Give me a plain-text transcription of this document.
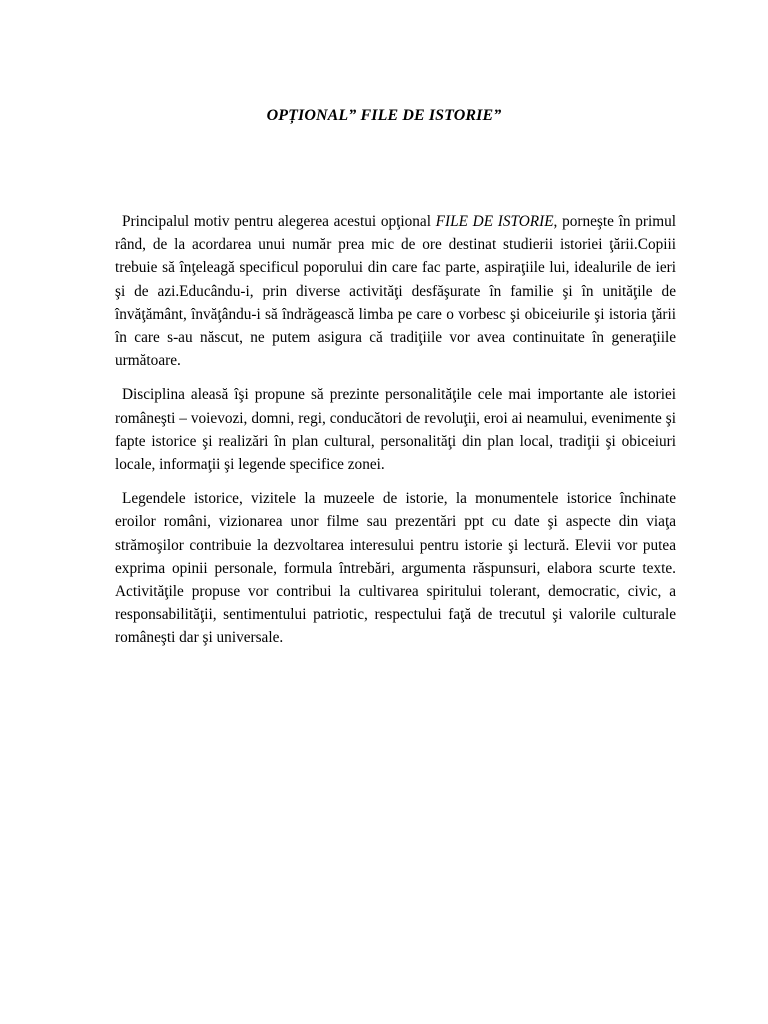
OPȚIONAL” FILE DE ISTORIE”

Principalul motiv pentru alegerea acestui opţional FILE DE ISTORIE, porneşte în primul rând, de la acordarea unui număr prea mic de ore destinat studierii istoriei ţării.Copiii trebuie să înţeleagă specificul poporului din care fac parte, aspiraţiile lui, idealurile de ieri şi de azi.Educându-i, prin diverse activităţi desfăşurate în familie şi în unităţile de învăţământ, învăţându-i să îndrăgească limba pe care o vorbesc şi obiceiurile şi istoria ţării în care s-au născut, ne putem asigura că tradiţiile vor avea continuitate în generaţiile următoare.

Disciplina aleasă îşi propune să prezinte personalităţile cele mai importante ale istoriei româneşti – voievozi, domni, regi, conducători de revoluţii, eroi ai neamului, evenimente şi fapte istorice şi realizări în plan cultural, personalităţi din plan local, tradiţii şi obiceiuri locale, informaţii şi legende specifice zonei.

Legendele istorice, vizitele la muzeele de istorie, la monumentele istorice închinate eroilor români, vizionarea unor filme sau prezentări ppt cu date şi aspecte din viaţa strămoşilor contribuie la dezvoltarea interesului pentru istorie şi lectură. Elevii vor putea exprima opinii personale, formula întrebări, argumenta răspunsuri, elabora scurte texte. Activităţile propuse vor contribui la cultivarea spiritului tolerant, democratic, civic, a responsabilităţii, sentimentului patriotic, respectului faţă de trecutul şi valorile culturale româneşti dar şi universale.
